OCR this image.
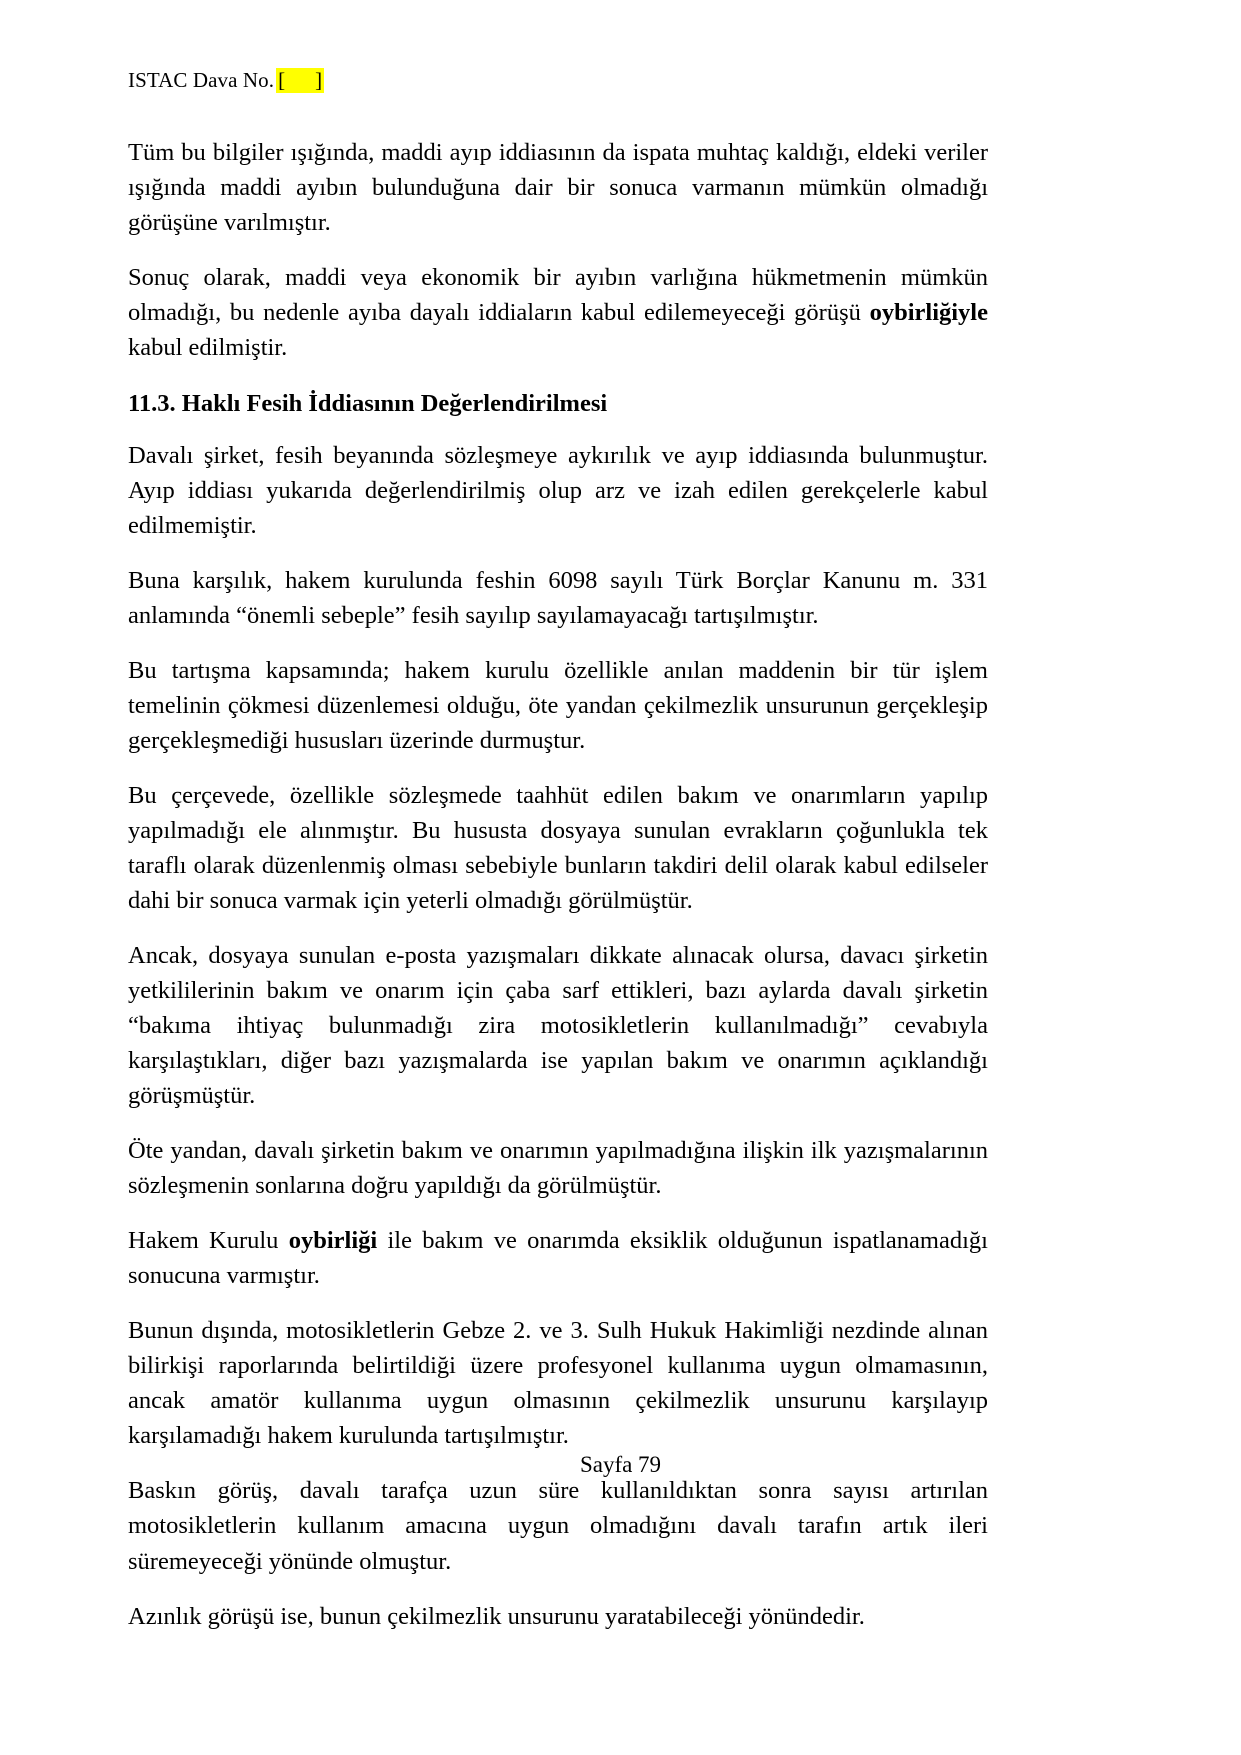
ISTAC Dava No. [ ]

Tüm bu bilgiler ışığında, maddi ayıp iddiasının da ispata muhtaç kaldığı, eldeki veriler ışığında maddi ayıbın bulunduğuna dair bir sonuca varmanın mümkün olmadığı görüşüne varılmıştır.

Sonuç olarak, maddi veya ekonomik bir ayıbın varlığına hükmetmenin mümkün olmadığı, bu nedenle ayıba dayalı iddiaların kabul edilemeyeceği görüşü oybirliğiyle kabul edilmiştir.

11.3. Haklı Fesih İddiasının Değerlendirilmesi

Davalı şirket, fesih beyanında sözleşmeye aykırılık ve ayıp iddiasında bulunmuştur. Ayıp iddiası yukarıda değerlendirilmiş olup arz ve izah edilen gerekçelerle kabul edilmemiştir.

Buna karşılık, hakem kurulunda feshin 6098 sayılı Türk Borçlar Kanunu m. 331 anlamında “önemli sebeple” fesih sayılıp sayılamayacağı tartışılmıştır.

Bu tartışma kapsamında; hakem kurulu özellikle anılan maddenin bir tür işlem temelinin çökmesi düzenlemesi olduğu, öte yandan çekilmezlik unsurunun gerçekleşip gerçekleşmediği hususları üzerinde durmuştur.

Bu çerçevede, özellikle sözleşmede taahhüt edilen bakım ve onarımların yapılıp yapılmadığı ele alınmıştır. Bu hususta dosyaya sunulan evrakların çoğunlukla tek taraflı olarak düzenlenmiş olması sebebiyle bunların takdiri delil olarak kabul edilseler dahi bir sonuca varmak için yeterli olmadığı görülmüştür.

Ancak, dosyaya sunulan e-posta yazışmaları dikkate alınacak olursa, davacı şirketin yetkililerinin bakım ve onarım için çaba sarf ettikleri, bazı aylarda davalı şirketin “bakıma ihtiyaç bulunmadığı zira motosikletlerin kullanılmadığı” cevabıyla karşılaştıkları, diğer bazı yazışmalarda ise yapılan bakım ve onarımın açıklandığı görüşmüştür.

Öte yandan, davalı şirketin bakım ve onarımın yapılmadığına ilişkin ilk yazışmalarının sözleşmenin sonlarına doğru yapıldığı da görülmüştür.

Hakem Kurulu oybirliği ile bakım ve onarımda eksiklik olduğunun ispatlanamadığı sonucuna varmıştır.

Bunun dışında, motosikletlerin Gebze 2. ve 3. Sulh Hukuk Hakimliği nezdinde alınan bilirkişi raporlarında belirtildiği üzere profesyonel kullanıma uygun olmamasının, ancak amatör kullanıma uygun olmasının çekilmezlik unsurunu karşılayıp karşılamadığı hakem kurulunda tartışılmıştır.

Baskın görüş, davalı tarafça uzun süre kullanıldıktan sonra sayısı artırılan motosikletlerin kullanım amacına uygun olmadığını davalı tarafın artık ileri süremeyeceği yönünde olmuştur.

Azınlık görüşü ise, bunun çekilmezlik unsurunu yaratabileceği yönündedir.

Sayfa 79
